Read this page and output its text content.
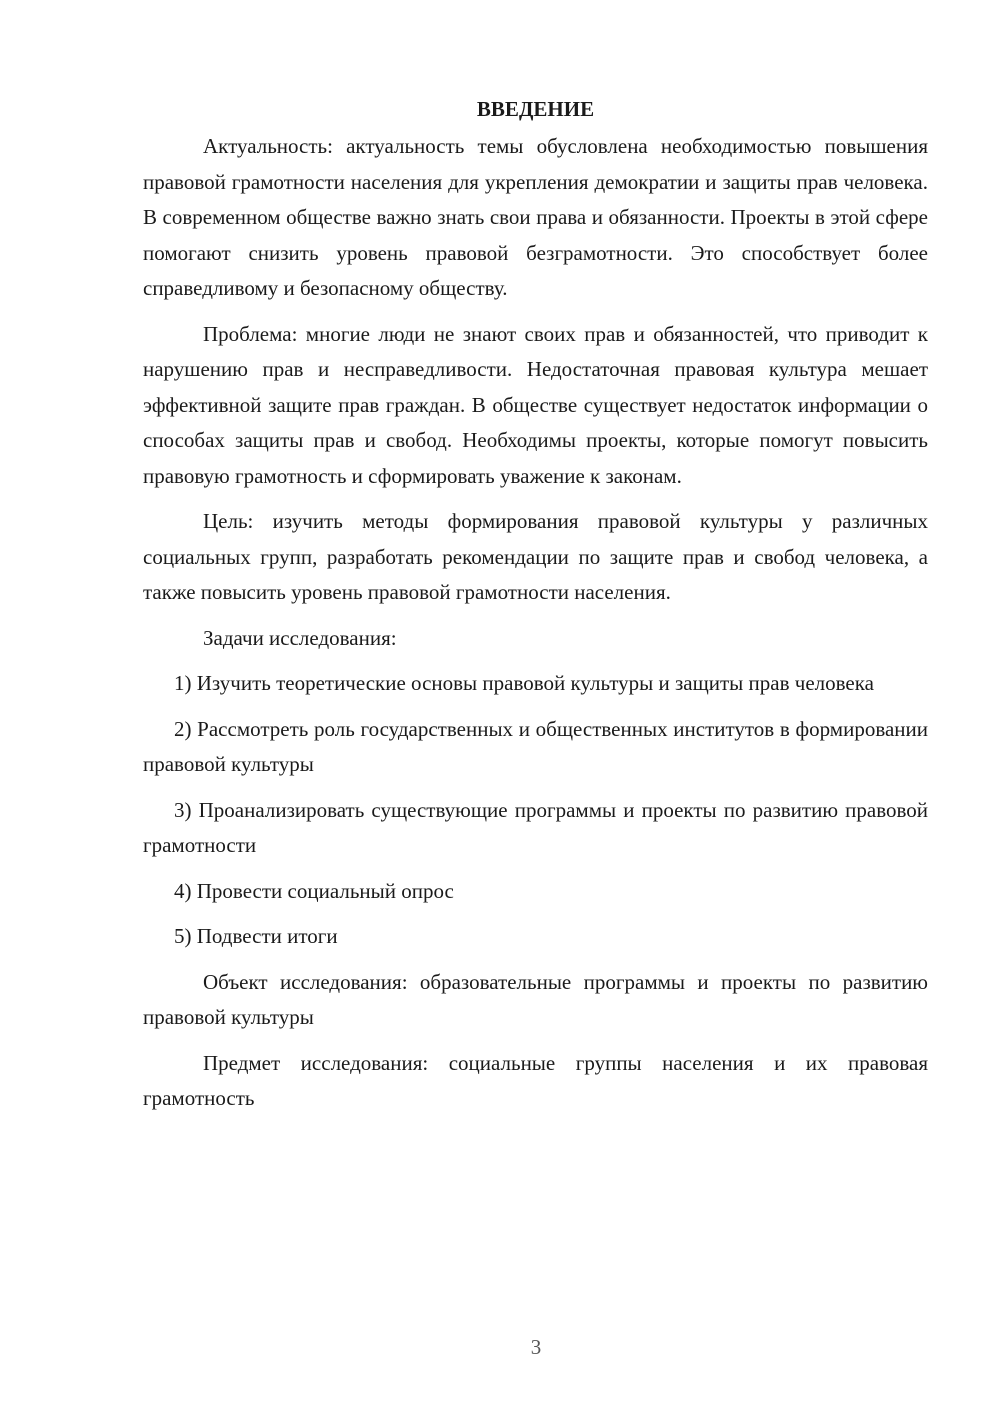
ВВЕДЕНИЕ

Актуальность: актуальность темы обусловлена необходимостью повышения правовой грамотности населения для укрепления демократии и защиты прав человека. В современном обществе важно знать свои права и обязанности. Проекты в этой сфере помогают снизить уровень правовой безграмотности. Это способствует более справедливому и безопасному обществу.

Проблема: многие люди не знают своих прав и обязанностей, что приводит к нарушению прав и несправедливости. Недостаточная правовая культура мешает эффективной защите прав граждан. В обществе существует недостаток информации о способах защиты прав и свобод. Необходимы проекты, которые помогут повысить правовую грамотность и сформировать уважение к законам.

Цель: изучить методы формирования правовой культуры у различных социальных групп, разработать рекомендации по защите прав и свобод человека, а также повысить уровень правовой грамотности населения.

Задачи исследования:

1) Изучить теоретические основы правовой культуры и защиты прав человека

2) Рассмотреть роль государственных и общественных институтов в формировании правовой культуры

3) Проанализировать существующие программы и проекты по развитию правовой грамотности

4) Провести социальный опрос

5) Подвести итоги

Объект исследования: образовательные программы и проекты по развитию правовой культуры

Предмет исследования: социальные группы населения и их правовая грамотность

3
